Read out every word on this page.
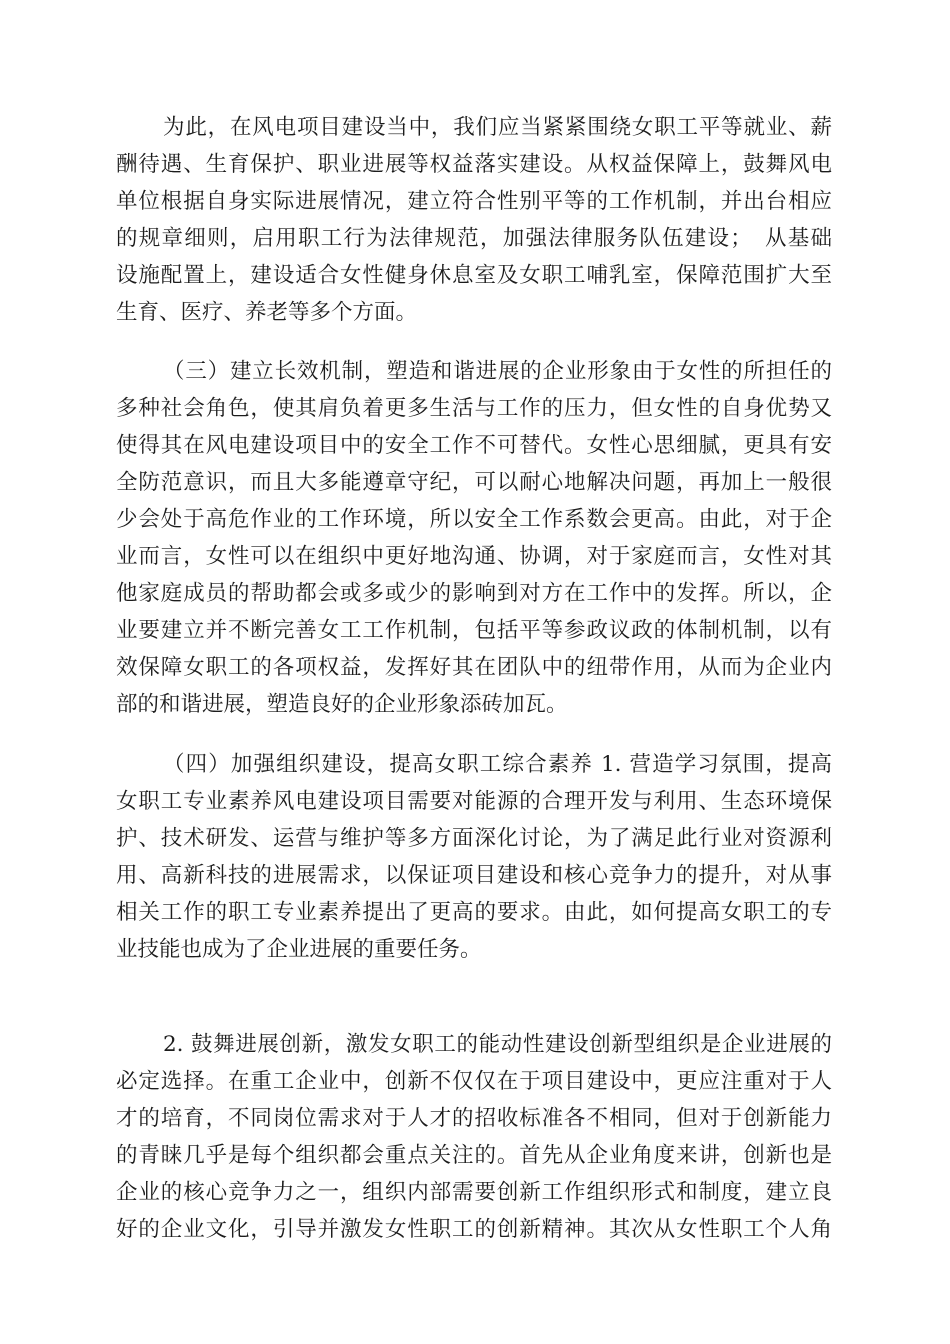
为此，在风电项目建设当中，我们应当紧紧围绕女职工平等就业、薪
酬待遇、生育保护、职业进展等权益落实建设。从权益保障上，鼓舞风电
单位根据自身实际进展情况，建立符合性别平等的工作机制，并出台相应
的规章细则，启用职工行为法律规范，加强法律服务队伍建设；　从基础
设施配置上，建设适合女性健身休息室及女职工哺乳室，保障范围扩大至
生育、医疗、养老等多个方面。
（三）建立长效机制，塑造和谐进展的企业形象由于女性的所担任的
多种社会角色，使其肩负着更多生活与工作的压力，但女性的自身优势又
使得其在风电建设项目中的安全工作不可替代。女性心思细腻，更具有安
全防范意识，而且大多能遵章守纪，可以耐心地解决问题，再加上一般很
少会处于高危作业的工作环境，所以安全工作系数会更高。由此，对于企
业而言，女性可以在组织中更好地沟通、协调，对于家庭而言，女性对其
他家庭成员的帮助都会或多或少的影响到对方在工作中的发挥。所以，企
业要建立并不断完善女工工作机制，包括平等参政议政的体制机制，以有
效保障女职工的各项权益，发挥好其在团队中的纽带作用，从而为企业内
部的和谐进展，塑造良好的企业形象添砖加瓦。
（四）加强组织建设，提高女职工综合素养 1. 营造学习氛围，提高
女职工专业素养风电建设项目需要对能源的合理开发与利用、生态环境保
护、技术研发、运营与维护等多方面深化讨论，为了满足此行业对资源利
用、高新科技的进展需求，以保证项目建设和核心竞争力的提升，对从事
相关工作的职工专业素养提出了更高的要求。由此，如何提高女职工的专
业技能也成为了企业进展的重要任务。
2. 鼓舞进展创新，激发女职工的能动性建设创新型组织是企业进展的
必定选择。在重工企业中，创新不仅仅在于项目建设中，更应注重对于人
才的培育，不同岗位需求对于人才的招收标准各不相同，但对于创新能力
的青睐几乎是每个组织都会重点关注的。首先从企业角度来讲，创新也是
企业的核心竞争力之一，组织内部需要创新工作组织形式和制度，建立良
好的企业文化，引导并激发女性职工的创新精神。其次从女性职工个人角
